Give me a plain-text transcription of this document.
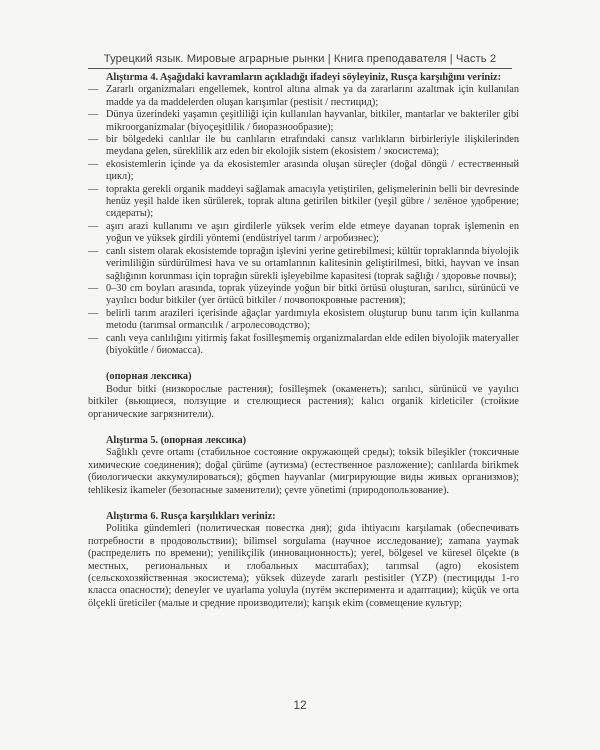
Турецкий язык. Мировые аграрные рынки | Книга преподавателя | Часть 2

Alıştırma 4. Aşağıdaki kavramların açıkladığı ifadeyi söyleyiniz, Rusça karşılığını veriniz:

— Zararlı organizmaları engellemek, kontrol altına almak ya da zararlarını azaltmak için kullanılan madde ya da maddelerden oluşan karışımlar (pestisit / пестицид);
— Dünya üzerindeki yaşamın çeşitliliği için kullanılan hayvanlar, bitkiler, mantarlar ve bakteriler gibi mikroorganizmalar (biyoçeşitlilik / биоразнообразие);
— bir bölgedeki canlılar ile bu canlıların etrafındaki cansız varlıkların birbirleriyle ilişkilerinden meydana gelen, süreklilik arz eden bir ekolojik sistem (ekosistem / экосистема);
— ekosistemlerin içinde ya da ekosistemler arasında oluşan süreçler (doğal döngü / естественный цикл);
— toprakta gerekli organik maddeyi sağlamak amacıyla yetiştirilen, gelişmelerinin belli bir devresinde henüz yeşil halde iken sürülerek, toprak altına getirilen bitkiler (yeşil gübre / зелёное удобрение; сидераты);
— aşırı arazi kullanımı ve aşırı girdilerle yüksek verim elde etmeye dayanan toprak işlemenin en yoğun ve yüksek girdili yöntemi (endüstriyel tarım / агробизнес);
— canlı sistem olarak ekosistemde toprağın işlevini yerine getirebilmesi; kültür topraklarında biyolojik verimliliğin sürdürülmesi hava ve su ortamlarının kalitesinin geliştirilmesi, bitki, hayvan ve insan sağlığının korunması için toprağın sürekli işleyebilme kapasitesi (toprak sağlığı / здоровье почвы);
— 0–30 cm boyları arasında, toprak yüzeyinde yoğun bir bitki örtüsü oluşturan, sarılıcı, sürünücü ve yayılıcı bodur bitkiler (yer örtücü bitkiler / почвопокровные растения);
— belirli tarım arazileri içerisinde ağaçlar yardımıyla ekosistem oluşturup bunu tarım için kullanma metodu (tarımsal ormancılık / агролесоводство);
— canlı veya canlılığını yitirmiş fakat fosilleşmemiş organizmalardan elde edilen biyolojik materyaller (biyokütle / биомасса).

(опорная лексика)

Bodur bitki (низкорослые растения); fosilleşmek (окаменеть); sarılıcı, sürünücü ve yayılıcı bitkiler (вьющиеся, ползущие и стелющиеся растения); kalıcı organik kirleticiler (стойкие органические загрязнители).

Alıştırma 5. (опорная лексика)

Sağlıklı çevre ortamı (стабильное состояние окружающей среды); toksik bileşikler (токсичные химические соединения); doğal çürüme (аутизма) (естественное разложение); canlılarda birikmek (биологически аккумулироваться); göçmen hayvanlar (мигрирующие виды живых организмов); tehlikesiz ikameler (безопасные заменители); çevre yönetimi (природопользование).

Alıştırma 6. Rusça karşılıkları veriniz:

Politika gündemleri (политическая повестка дня); gıda ihtiyacını karşılamak (обеспечивать потребности в продовольствии); bilimsel sorgulama (научное исследование); zamana yaymak (распределить по времени); yenilikçilik (инновационность); yerel, bölgesel ve küresel ölçekte (в местных, региональных и глобальных масштабах); tarımsal (agro) ekosistem (сельскохозяйственная экосистема); yüksek düzeyde zararlı pestisitler (YZP) (пестициды 1-го класса опасности); deneyler ve uyarlama yoluyla (путём эксперимента и адаптации); küçük ve orta ölçekli üreticiler (малые и средние производители); karışık ekim (совмещение культур;

12
